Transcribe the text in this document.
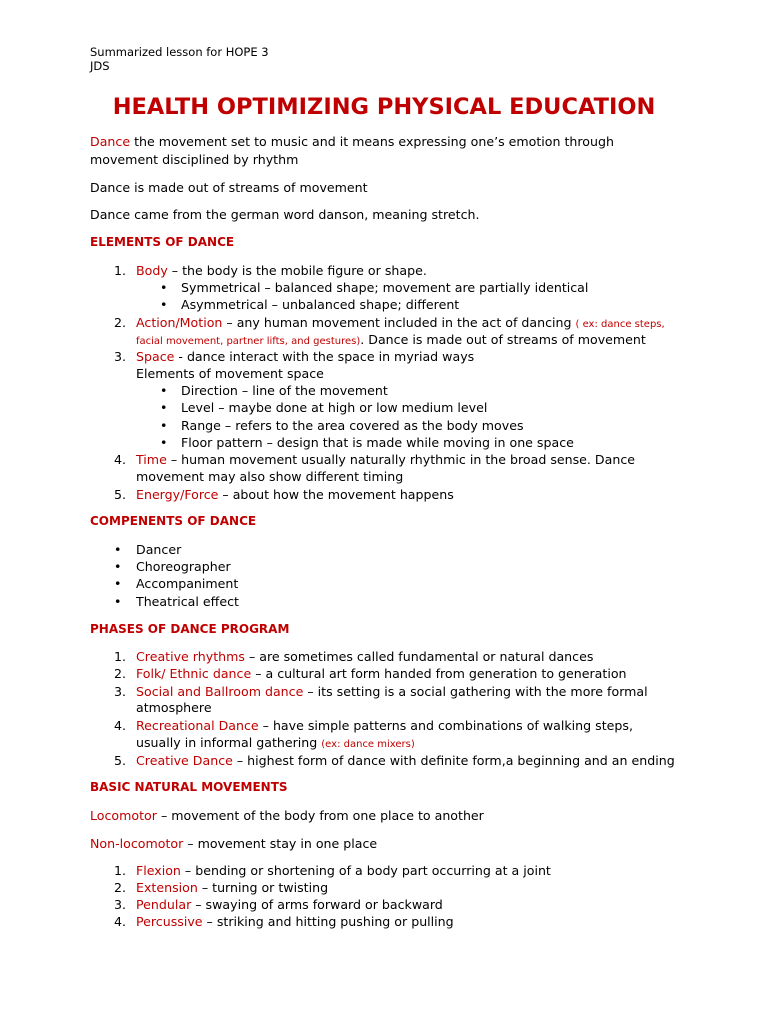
Summarized lesson for HOPE 3
JDS
HEALTH OPTIMIZING PHYSICAL EDUCATION
Dance the movement set to music and it means expressing one’s emotion through
movement disciplined by rhythm
Dance is made out of streams of movement
Dance came from the german word danson, meaning stretch.
ELEMENTS OF DANCE
1. Body – the body is the mobile figure or shape.
• Symmetrical – balanced shape; movement are partially identical
• Asymmetrical – unbalanced shape; different
2. Action/Motion – any human movement included in the act of dancing ( ex: dance steps,
facial movement, partner lifts, and gestures). Dance is made out of streams of movement
3. Space - dance interact with the space in myriad ways
Elements of movement space
• Direction – line of the movement
• Level – maybe done at high or low medium level
• Range – refers to the area covered as the body moves
• Floor pattern – design that is made while moving in one space
4. Time – human movement usually naturally rhythmic in the broad sense. Dance
movement may also show different timing
5. Energy/Force – about how the movement happens
COMPENENTS OF DANCE
• Dancer
• Choreographer
• Accompaniment
• Theatrical effect
PHASES OF DANCE PROGRAM
1. Creative rhythms – are sometimes called fundamental or natural dances
2. Folk/ Ethnic dance – a cultural art form handed from generation to generation
3. Social and Ballroom dance – its setting is a social gathering with the more formal
atmosphere
4. Recreational Dance – have simple patterns and combinations of walking steps,
usually in informal gathering (ex: dance mixers)
5. Creative Dance – highest form of dance with definite form,a beginning and an ending
BASIC NATURAL MOVEMENTS
Locomotor – movement of the body from one place to another
Non-locomotor – movement stay in one place
1. Flexion – bending or shortening of a body part occurring at a joint
2. Extension – turning or twisting
3. Pendular – swaying of arms forward or backward
4. Percussive – striking and hitting pushing or pulling
